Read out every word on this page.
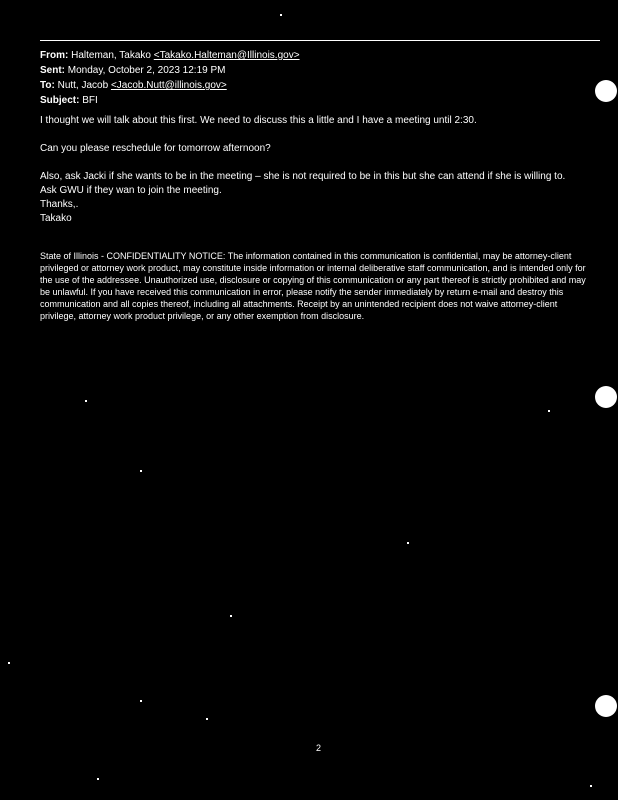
From: Halteman, Takako <Takako.Halteman@Illinois.gov>
Sent: Monday, October 2, 2023 12:19 PM
To: Nutt, Jacob <Jacob.Nutt@illinois.gov>
Subject: BFI

I thought we will talk about this first. We need to discuss this a little and I have a meeting until 2:30.

Can you please reschedule for tomorrow afternoon?

Also, ask Jacki if she wants to be in the meeting – she is not required to be in this but she can attend if she is willing to.

Ask GWU if they wan to join the meeting.

Thanks,.

Takako

State of Illinois - CONFIDENTIALITY NOTICE: The information contained in this communication is confidential, may be attorney-client privileged or attorney work product, may constitute inside information or internal deliberative staff communication, and is intended only for the use of the addressee. Unauthorized use, disclosure or copying of this communication or any part thereof is strictly prohibited and may be unlawful. If you have received this communication in error, please notify the sender immediately by return e-mail and destroy this communication and all copies thereof, including all attachments. Receipt by an unintended recipient does not waive attorney-client privilege, attorney work product privilege, or any other exemption from disclosure.

2
